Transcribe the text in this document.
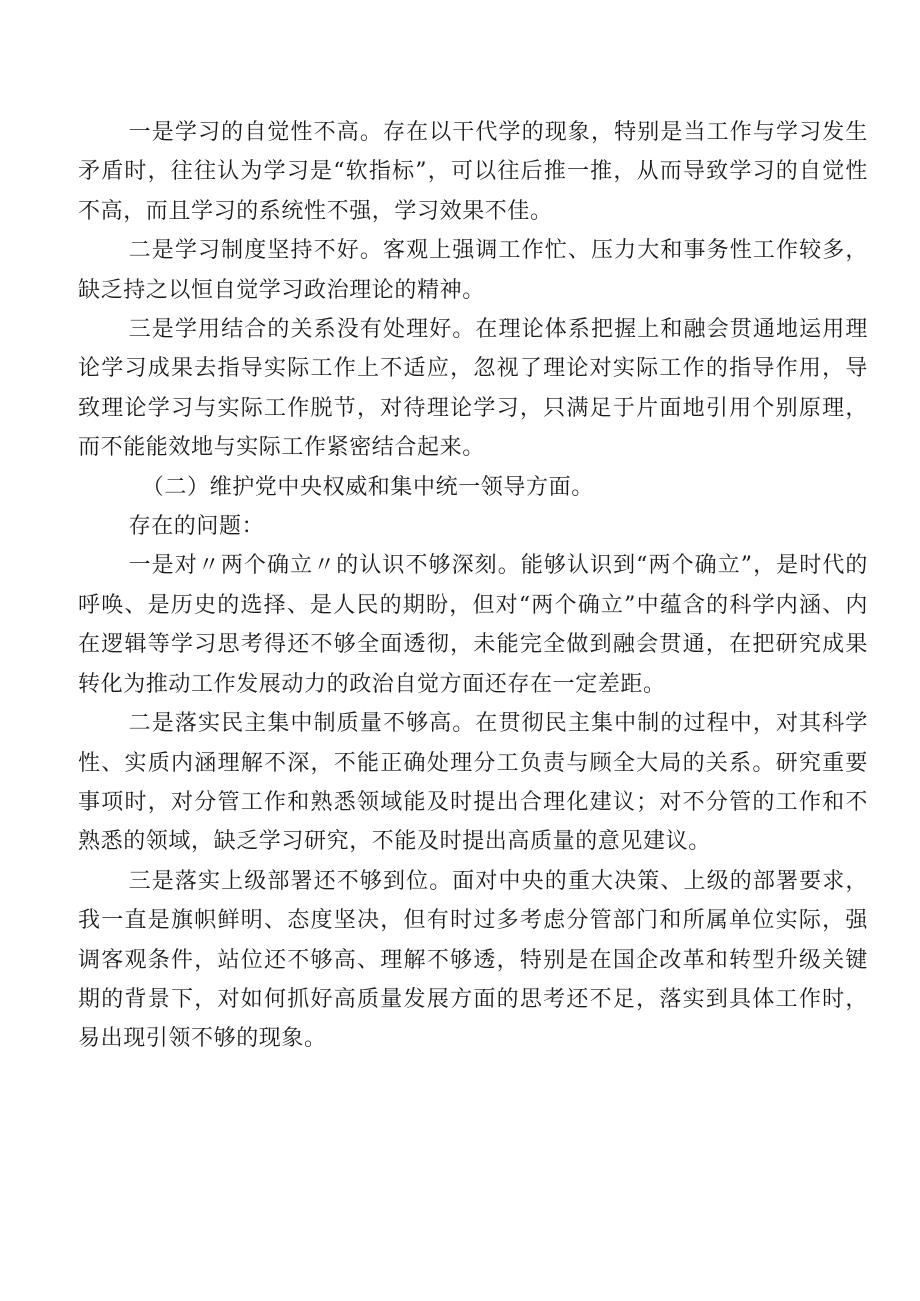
一是学习的自觉性不高。存在以干代学的现象，特别是当工作与学习发生矛盾时，往往认为学习是“软指标”，可以往后推一推，从而导致学习的自觉性不高，而且学习的系统性不强，学习效果不佳。

二是学习制度坚持不好。客观上强调工作忙、压力大和事务性工作较多，缺乏持之以恒自觉学习政治理论的精神。

三是学用结合的关系没有处理好。在理论体系把握上和融会贯通地运用理论学习成果去指导实际工作上不适应，忽视了理论对实际工作的指导作用，导致理论学习与实际工作脱节，对待理论学习，只满足于片面地引用个别原理，而不能能效地与实际工作紧密结合起来。

（二）维护党中央权威和集中统一领导方面。

存在的问题：

一是对〃两个确立〃的认识不够深刻。能够认识到“两个确立”，是时代的呼唤、是历史的选择、是人民的期盼，但对“两个确立”中蕴含的科学内涵、内在逻辑等学习思考得还不够全面透彻，未能完全做到融会贯通，在把研究成果转化为推动工作发展动力的政治自觉方面还存在一定差距。

二是落实民主集中制质量不够高。在贯彻民主集中制的过程中，对其科学性、实质内涵理解不深，不能正确处理分工负责与顾全大局的关系。研究重要事项时，对分管工作和熟悉领域能及时提出合理化建议；对不分管的工作和不熟悉的领域，缺乏学习研究，不能及时提出高质量的意见建议。

三是落实上级部署还不够到位。面对中央的重大决策、上级的部署要求，我一直是旗帜鲜明、态度坚决，但有时过多考虑分管部门和所属单位实际，强调客观条件，站位还不够高、理解不够透，特别是在国企改革和转型升级关键期的背景下，对如何抓好高质量发展方面的思考还不足，落实到具体工作时，易出现引领不够的现象。
